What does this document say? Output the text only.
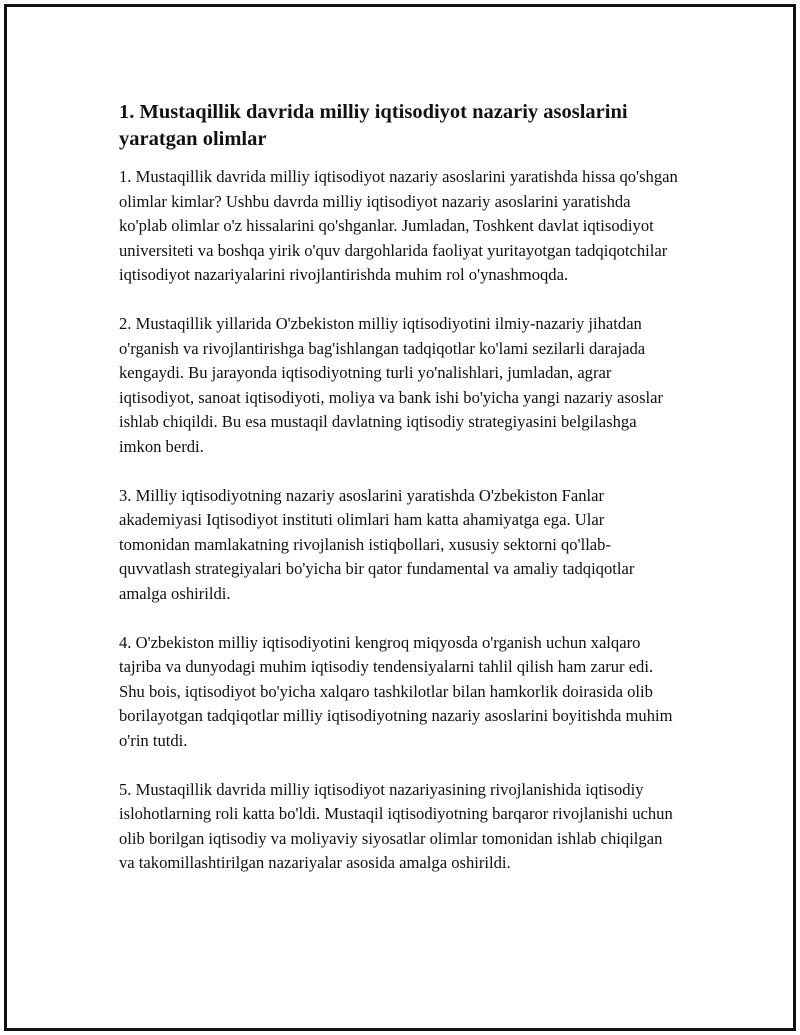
1. Mustaqillik davrida milliy iqtisodiyot nazariy asoslarini yaratgan olimlar

1. Mustaqillik davrida milliy iqtisodiyot nazariy asoslarini yaratishda hissa qo'shgan olimlar kimlar? Ushbu davrda milliy iqtisodiyot nazariy asoslarini yaratishda ko'plab olimlar o'z hissalarini qo'shganlar. Jumladan, Toshkent davlat iqtisodiyot universiteti va boshqa yirik o'quv dargohlarida faoliyat yuritayotgan tadqiqotchilar iqtisodiyot nazariyalarini rivojlantirishda muhim rol o'ynashmoqda.

2. Mustaqillik yillarida O'zbekiston milliy iqtisodiyotini ilmiy-nazariy jihatdan o'rganish va rivojlantirishga bag'ishlangan tadqiqotlar ko'lami sezilarli darajada kengaydi. Bu jarayonda iqtisodiyotning turli yo'nalishlari, jumladan, agrar iqtisodiyot, sanoat iqtisodiyoti, moliya va bank ishi bo'yicha yangi nazariy asoslar ishlab chiqildi. Bu esa mustaqil davlatning iqtisodiy strategiyasini belgilashga imkon berdi.

3. Milliy iqtisodiyotning nazariy asoslarini yaratishda O'zbekiston Fanlar akademiyasi Iqtisodiyot instituti olimlari ham katta ahamiyatga ega. Ular tomonidan mamlakatning rivojlanish istiqbollari, xususiy sektorni qo'llab-quvvatlash strategiyalari bo'yicha bir qator fundamental va amaliy tadqiqotlar amalga oshirildi.

4. O'zbekiston milliy iqtisodiyotini kengroq miqyosda o'rganish uchun xalqaro tajriba va dunyodagi muhim iqtisodiy tendensiyalarni tahlil qilish ham zarur edi. Shu bois, iqtisodiyot bo'yicha xalqaro tashkilotlar bilan hamkorlik doirasida olib borilayotgan tadqiqotlar milliy iqtisodiyotning nazariy asoslarini boyitishda muhim o'rin tutdi.

5. Mustaqillik davrida milliy iqtisodiyot nazariyasining rivojlanishida iqtisodiy islohotlarning roli katta bo'ldi. Mustaqil iqtisodiyotning barqaror rivojlanishi uchun olib borilgan iqtisodiy va moliyaviy siyosatlar olimlar tomonidan ishlab chiqilgan va takomillashtirilgan nazariyalar asosida amalga oshirildi.
